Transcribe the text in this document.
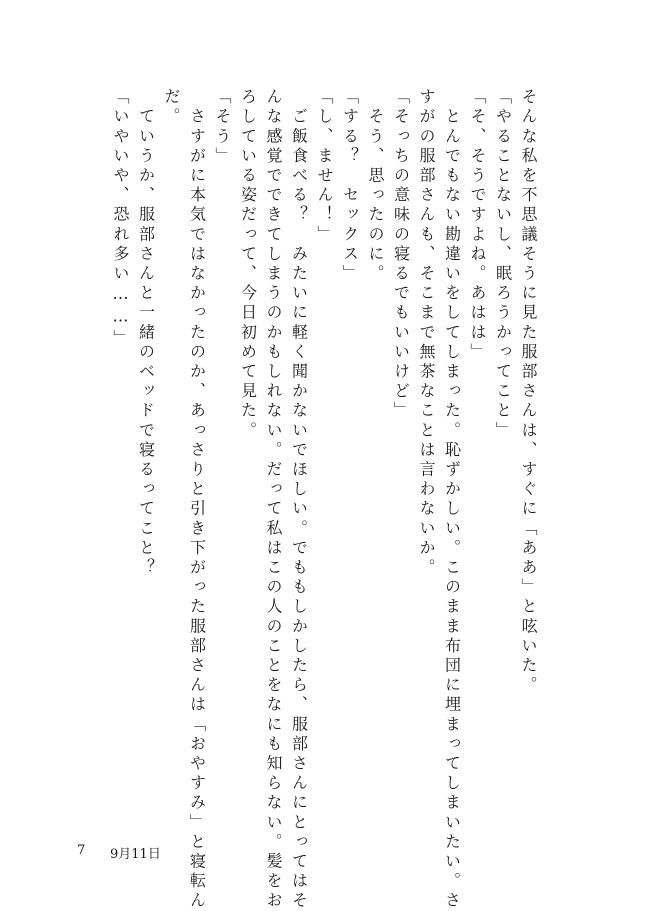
そんな私を不思議そうに見た服部さんは、すぐに「ああ」と呟いた。
「やることないし、眠ろうかってこと」
「そ、そうですよね。あはは」
　とんでもない勘違いをしてしまった。恥ずかしい。このまま布団に埋まってしまいたい。さ
すがの服部さんも、そこまで無茶なことは言わないか。
「そっちの意味の寝るでもいいけど」
　そう、思ったのに。
「する？　セックス」
「し、ません！」
　ご飯食べる？　みたいに軽く聞かないでほしい。でももしかしたら、服部さんにとってはそ
んな感覚でできてしまうのかもしれない。だって私はこの人のことをなにも知らない。髪をお
ろしている姿だって、今日初めて見た。
「そう」
　さすがに本気ではなかったのか、あっさりと引き下がった服部さんは「おやすみ」と寝転ん
だ。
　ていうか、服部さんと一緒のベッドで寝るってこと？
「いやいや、恐れ多い……」
7 9月11日
